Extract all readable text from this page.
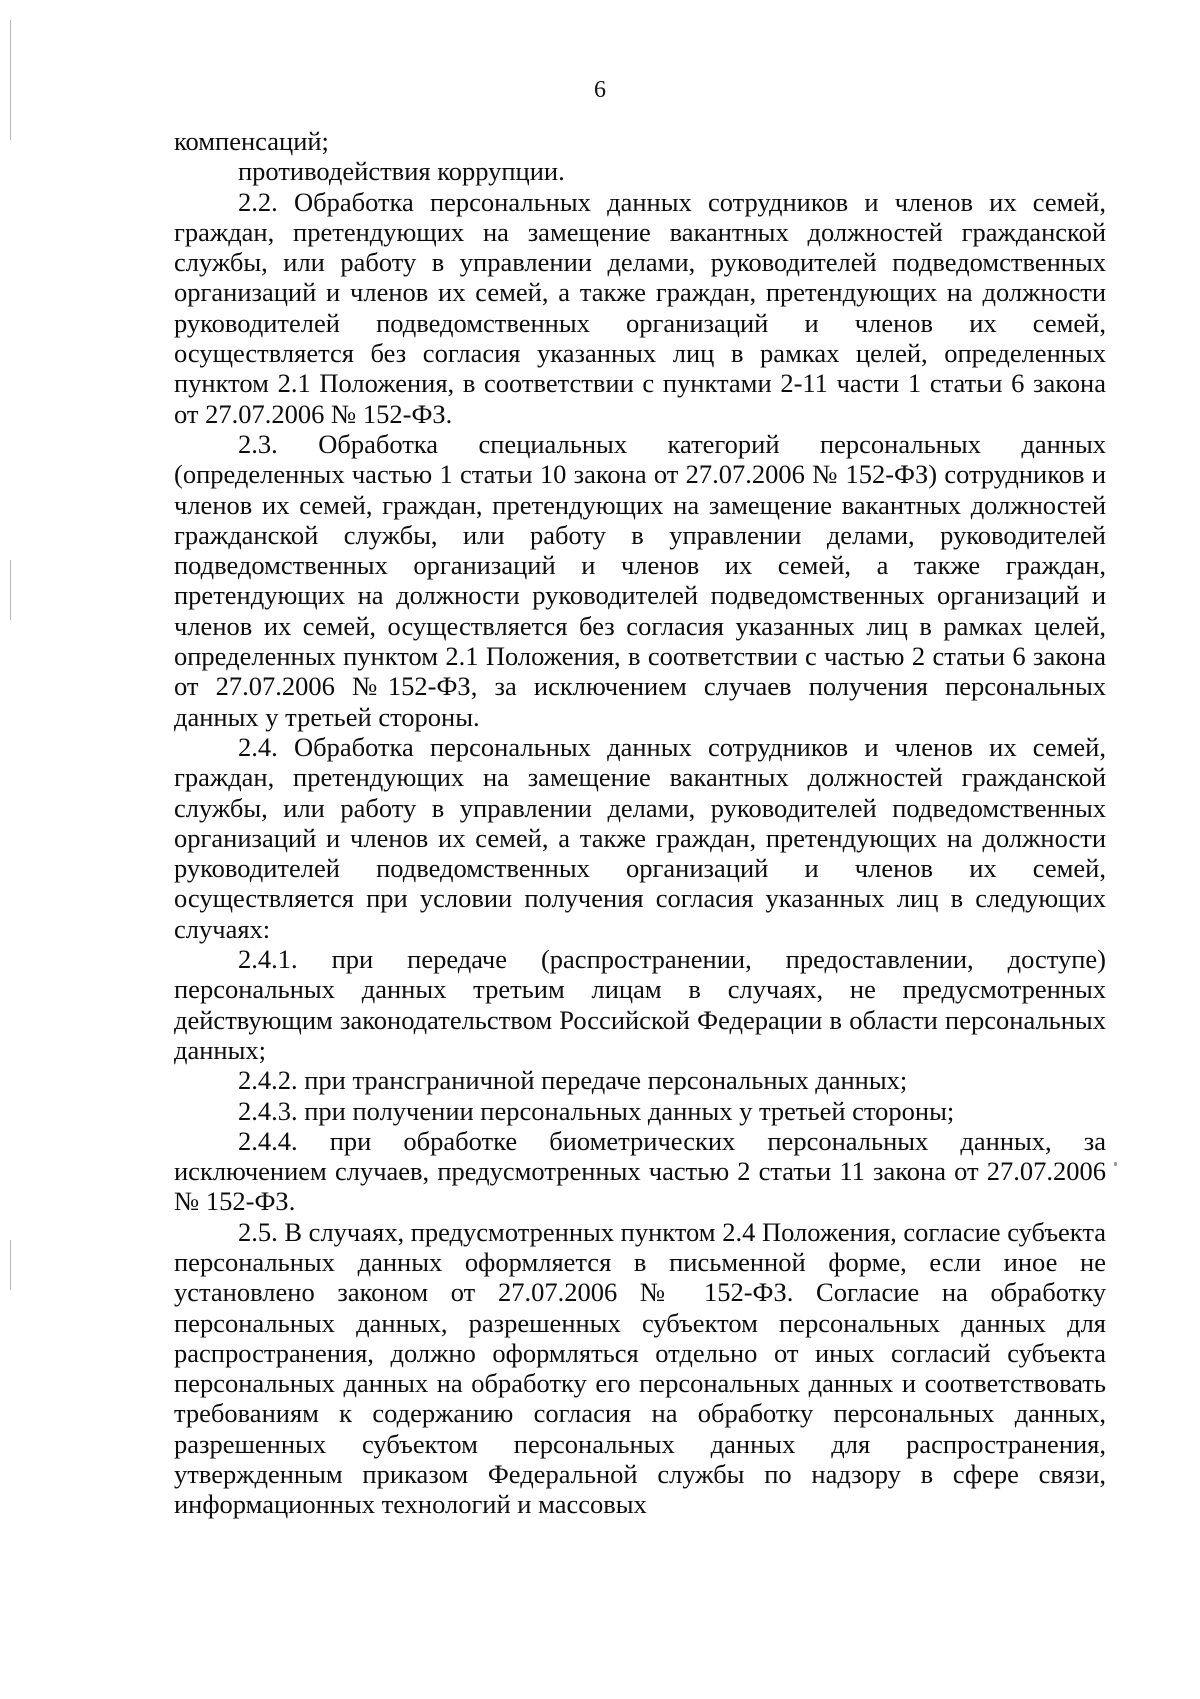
6

компенсаций;

противодействия коррупции.

2.2. Обработка персональных данных сотрудников и членов их семей, граждан, претендующих на замещение вакантных должностей гражданской службы, или работу в управлении делами, руководителей подведомственных организаций и членов их семей, а также граждан, претендующих на должности руководителей подведомственных организаций и членов их семей, осуществляется без согласия указанных лиц в рамках целей, определенных пунктом 2.1 Положения, в соответствии с пунктами 2-11 части 1 статьи 6 закона от 27.07.2006 № 152-ФЗ.

2.3. Обработка специальных категорий персональных данных (определенных частью 1 статьи 10 закона от 27.07.2006 № 152-ФЗ) сотрудников и членов их семей, граждан, претендующих на замещение вакантных должностей гражданской службы, или работу в управлении делами, руководителей подведомственных организаций и членов их семей, а также граждан, претендующих на должности руководителей подведомственных организаций и членов их семей, осуществляется без согласия указанных лиц в рамках целей, определенных пунктом 2.1 Положения, в соответствии с частью 2 статьи 6 закона от 27.07.2006 №152-ФЗ, за исключением случаев получения персональных данных у третьей стороны.

2.4. Обработка персональных данных сотрудников и членов их семей, граждан, претендующих на замещение вакантных должностей гражданской службы, или работу в управлении делами, руководителей подведомственных организаций и членов их семей, а также граждан, претендующих на должности руководителей подведомственных организаций и членов их семей, осуществляется при условии получения согласия указанных лиц в следующих случаях:

2.4.1. при передаче (распространении, предоставлении, доступе) персональных данных третьим лицам в случаях, не предусмотренных действующим законодательством Российской Федерации в области персональных данных;

2.4.2. при трансграничной передаче персональных данных;

2.4.3. при получении персональных данных у третьей стороны;

2.4.4. при обработке биометрических персональных данных, за исключением случаев, предусмотренных частью 2 статьи 11 закона от 27.07.2006 № 152-ФЗ.

2.5. В случаях, предусмотренных пунктом 2.4 Положения, согласие субъекта персональных данных оформляется в письменной форме, если иное не установлено законом от 27.07.2006 № 152-ФЗ. Согласие на обработку персональных данных, разрешенных субъектом персональных данных для распространения, должно оформляться отдельно от иных согласий субъекта персональных данных на обработку его персональных данных и соответствовать требованиям к содержанию согласия на обработку персональных данных, разрешенных субъектом персональных данных для распространения, утвержденным приказом Федеральной службы по надзору в сфере связи, информационных технологий и массовых
